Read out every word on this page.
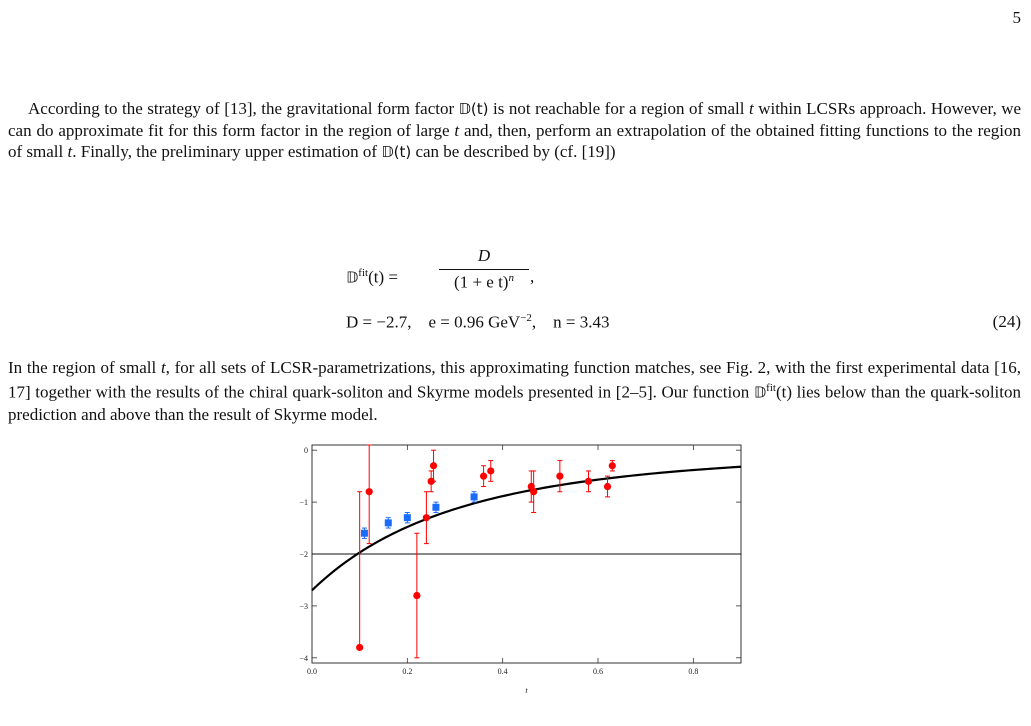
5

According to the strategy of [13], the gravitational form factor 𝔻(t) is not reachable for a region of small t within LCSRs approach. However, we can do approximate fit for this form factor in the region of large t and, then, perform an extrapolation of the obtained fitting functions to the region of small t. Finally, the preliminary upper estimation of 𝔻(t) can be described by (cf. [19])

𝔻$^{fit}$(t) =
D
(1 + e t)$^n$ ,
D = −2.7,    e = 0.96 GeV$^{-2}$,    n = 3.43	(24)

In the region of small t, for all sets of LCSR-parametrizations, this approximating function matches, see Fig. 2, with the first experimental data [16, 17] together with the results of the chiral quark-soliton and Skyrme models presented in [2–5]. Our function 𝔻$^{fit}$(t) lies below than the quark-soliton prediction and above than the result of Skyrme model.

0.0	0.2	0.4	0.6	0.8
0
−1
−2
−3
−4
t
